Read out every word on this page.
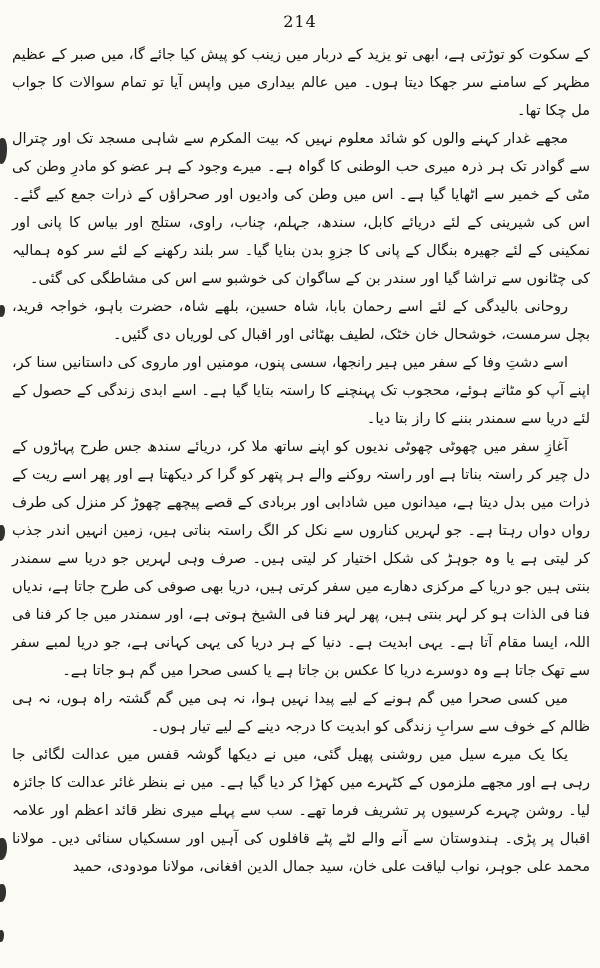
214

کے سکوت کو توڑتی ہے، ابھی تو یزید کے دربار میں زینب کو پیش کیا جائے گا، میں صبر کے عظیم مظہر کے سامنے سر جھکا دیتا ہوں۔ میں عالم بیداری میں واپس آیا تو تمام سوالات کا جواب مل چکا تھا۔

مجھے غدار کہنے والوں کو شائد معلوم نہیں کہ بیت المکرم سے شاہی مسجد تک اور چترال سے گوادر تک ہر ذرہ میری حب الوطنی کا گواہ ہے۔ میرے وجود کے ہر عضو کو مادرِ وطن کی مٹی کے خمیر سے اٹھایا گیا ہے۔ اس میں وطن کی وادیوں اور صحراؤں کے ذرات جمع کیے گئے۔ اس کی شیرینی کے لئے دریائے کابل، سندھ، جہلم، چناب، راوی، ستلج اور بیاس کا پانی اور نمکینی کے لئے جھیرہ بنگال کے پانی کا جزوِ بدن بنایا گیا۔ سر بلند رکھنے کے لئے سر کوہ ہمالیہ کی چٹانوں سے تراشا گیا اور سندر بن کے ساگوان کی خوشبو سے اس کی مشاطگی کی گئی۔

روحانی بالیدگی کے لئے اسے رحمان بابا، شاہ حسین، بلھے شاہ، حضرت باہو، خواجہ فرید، بچل سرمست، خوشحال خان خٹک، لطیف بھٹائی اور اقبال کی لوریاں دی گئیں۔

اسے دشتِ وفا کے سفر میں ہیر رانجھا، سسی پنوں، مومنیں اور ماروی کی داستانیں سنا کر، اپنے آپ کو مٹاتے ہوئے، محجوب تک پہنچنے کا راستہ بتایا گیا ہے۔ اسے ابدی زندگی کے حصول کے لئے دریا سے سمندر بننے کا راز بتا دیا۔

آغازِ سفر میں چھوٹی چھوٹی ندیوں کو اپنے ساتھ ملا کر، دریائے سندھ جس طرح پہاڑوں کے دل چیر کر راستہ بناتا ہے اور راستہ روکنے والے ہر پتھر کو گرا کر دیکھتا ہے اور پھر اسے ریت کے ذرات میں بدل دیتا ہے، میدانوں میں شادابی اور بربادی کے قصے پیچھے چھوڑ کر منزل کی طرف رواں دواں رہتا ہے۔ جو لہریں کناروں سے نکل کر الگ راستہ بناتی ہیں، زمین انہیں اندر جذب کر لیتی ہے یا وہ جوہڑ کی شکل اختیار کر لیتی ہیں۔ صرف وہی لہریں جو دریا سے سمندر بنتی ہیں جو دریا کے مرکزی دھارے میں سفر کرتی ہیں، دریا بھی صوفی کی طرح جاتا ہے، ندیاں فنا فی الذات ہو کر لہر بنتی ہیں، پھر لہر فنا فی الشیخ ہوتی ہے، اور سمندر میں جا کر فنا فی اللہ، ایسا مقام آتا ہے۔ یہی ابدیت ہے۔ دنیا کے ہر دریا کی یہی کہانی ہے، جو دریا لمبے سفر سے تھک جاتا ہے وہ دوسرے دریا کا عکس بن جاتا ہے یا کسی صحرا میں گم ہو جاتا ہے۔

میں کسی صحرا میں گم ہونے کے لیے پیدا نہیں ہوا، نہ ہی میں گم گشتہ راہ ہوں، نہ ہی ظالم کے خوف سے سرابِ زندگی کو ابدیت کا درجہ دینے کے لیے تیار ہوں۔

یکا یک میرے سیل میں روشنی پھیل گئی، میں نے دیکھا گوشہ قفس میں عدالت لگائی جا رہی ہے اور مجھے ملزموں کے کٹہرے میں کھڑا کر دیا گیا ہے۔ میں نے بنظر غائر عدالت کا جائزہ لیا۔ روشن چہرے کرسیوں پر تشریف فرما تھے۔ سب سے پہلے میری نظر قائد اعظم اور علامہ اقبال پر پڑی۔ ہندوستان سے آنے والے لٹے پٹے قافلوں کی آہیں اور سسکیاں سنائی دیں۔ مولانا محمد علی جوہر، نواب لیاقت علی خان، سید جمال الدین افغانی، مولانا مودودی، حمید
